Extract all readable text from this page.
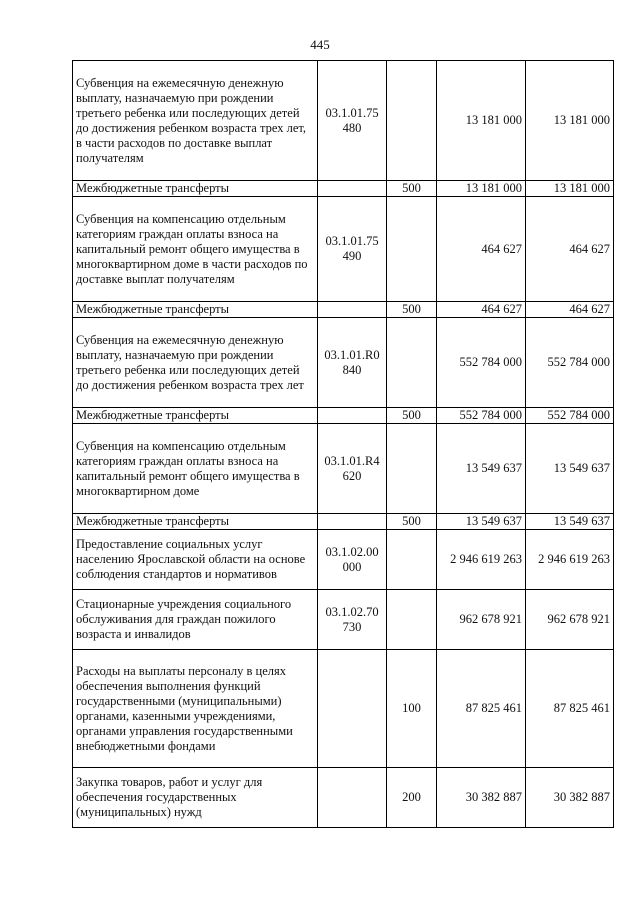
445
Субвенция на ежемесячную денежную выплату, назначаемую при рождении третьего ребенка или последующих детей до достижения ребенком возраста трех лет, в части расходов по доставке выплат получателям	03.1.01.75 480		13 181 000	13 181 000
Межбюджетные трансферты		500	13 181 000	13 181 000
Субвенция на компенсацию отдельным категориям граждан оплаты взноса на капитальный ремонт общего имущества в многоквартирном доме в части расходов по доставке выплат получателям	03.1.01.75 490		464 627	464 627
Межбюджетные трансферты		500	464 627	464 627
Субвенция на ежемесячную денежную выплату, назначаемую при рождении третьего ребенка или последующих детей до достижения ребенком возраста трех лет	03.1.01.R0 840		552 784 000	552 784 000
Межбюджетные трансферты		500	552 784 000	552 784 000
Субвенция на компенсацию отдельным категориям граждан оплаты взноса на капитальный ремонт общего имущества в многоквартирном доме	03.1.01.R4 620		13 549 637	13 549 637
Межбюджетные трансферты		500	13 549 637	13 549 637
Предоставление социальных услуг населению Ярославской области на основе соблюдения стандартов и нормативов	03.1.02.00 000		2 946 619 263	2 946 619 263
Стационарные учреждения социального обслуживания для граждан пожилого возраста и инвалидов	03.1.02.70 730		962 678 921	962 678 921
Расходы на выплаты персоналу в целях обеспечения выполнения функций государственными (муниципальными) органами, казенными учреждениями, органами управления государственными внебюджетными фондами		100	87 825 461	87 825 461
Закупка товаров, работ и услуг для обеспечения государственных (муниципальных) нужд		200	30 382 887	30 382 887
